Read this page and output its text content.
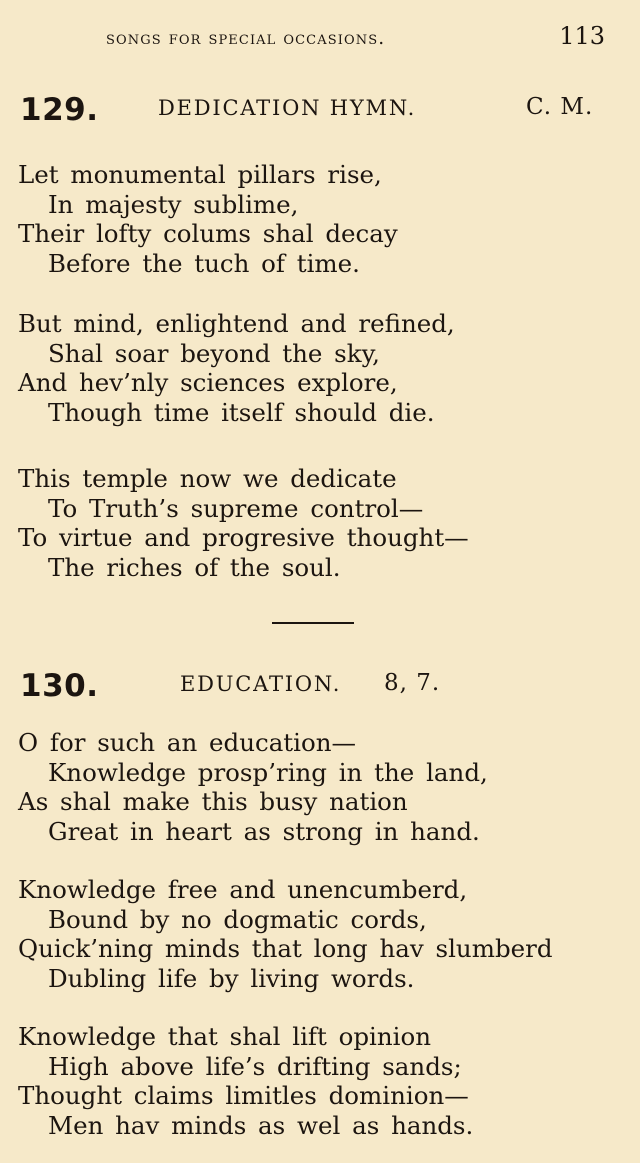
songs for special occasions.	113
129.	DEDICATION HYMN.	C. M.
Let monumental pillars rise,
In majesty sublime,
Their lofty colums shal decay
Before the tuch of time.
But mind, enlightend and refined,
Shal soar beyond the sky,
And hev’nly sciences explore,
Though time itself should die.
This temple now we dedicate
To Truth’s supreme control—
To virtue and progresive thought—
The riches of the soul.
130.	EDUCATION. 8, 7.
O for such an education—
Knowledge prosp’ring in the land,
As shal make this busy nation
Great in heart as strong in hand.
Knowledge free and unencumberd,
Bound by no dogmatic cords,
Quick’ning minds that long hav slumberd
Dubling life by living words.
Knowledge that shal lift opinion
High above life’s drifting sands;
Thought claims limitles dominion—
Men hav minds as wel as hands.
